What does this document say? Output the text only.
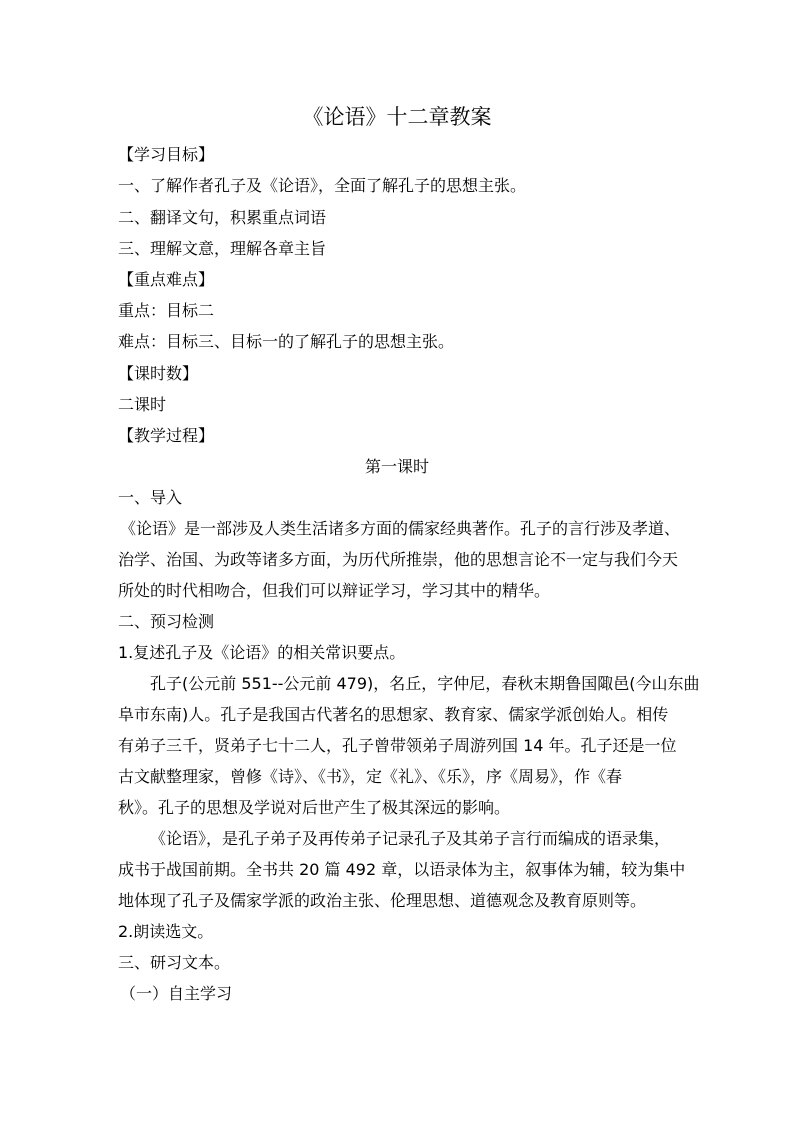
《论语》十二章教案
【学习目标】
一、了解作者孔子及《论语》，全面了解孔子的思想主张。
二、翻译文句，积累重点词语
三、理解文意，理解各章主旨
【重点难点】
重点：目标二
难点：目标三、目标一的了解孔子的思想主张。
【课时数】
二课时
【教学过程】
第一课时
一、导入
《论语》是一部涉及人类生活诸多方面的儒家经典著作。孔子的言行涉及孝道、
治学、治国、为政等诸多方面，为历代所推崇，他的思想言论不一定与我们今天
所处的时代相吻合，但我们可以辩证学习，学习其中的精华。
二、预习检测
1.复述孔子及《论语》的相关常识要点。
孔子(公元前 551--公元前 479)，名丘，字仲尼，春秋末期鲁国陬邑(今山东曲
阜市东南)人。孔子是我国古代著名的思想家、教育家、儒家学派创始人。相传
有弟子三千，贤弟子七十二人，孔子曾带领弟子周游列国 14 年。孔子还是一位
古文献整理家，曾修《诗》、《书》，定《礼》、《乐》，序《周易》，作《春
秋》。孔子的思想及学说对后世产生了极其深远的影响。
《论语》，是孔子弟子及再传弟子记录孔子及其弟子言行而编成的语录集，
成书于战国前期。全书共 20 篇 492 章，以语录体为主，叙事体为辅，较为集中
地体现了孔子及儒家学派的政治主张、伦理思想、道德观念及教育原则等。
2.朗读选文。
三、研习文本。
（一）自主学习
